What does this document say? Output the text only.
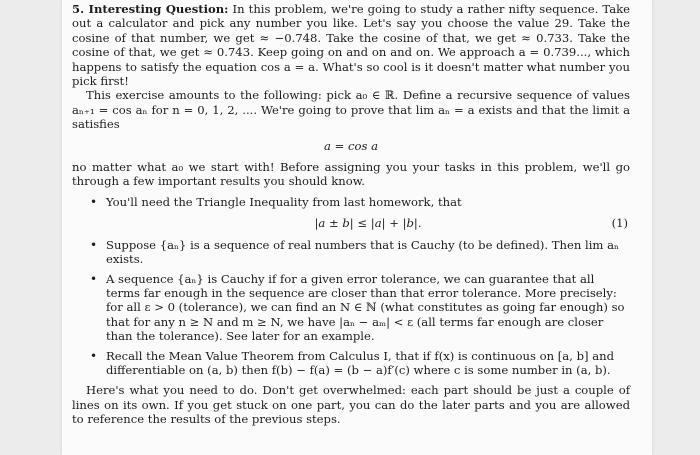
5. Interesting Question: In this problem, we're going to study a rather nifty sequence. Take out a calculator and pick any number you like. Let's say you choose the value 29. Take the cosine of that number, we get ≈ −0.748. Take the cosine of that, we get ≈ 0.733. Take the cosine of that, we get ≈ 0.743. Keep going on and on and on. We approach a = 0.739..., which happens to satisfy the equation cos a = a. What's so cool is it doesn't matter what number you pick first!

This exercise amounts to the following: pick a₀ ∈ ℝ. Define a recursive sequence of values aₙ₊₁ = cos aₙ for n = 0, 1, 2, .... We're going to prove that lim aₙ = a exists and that the limit a satisfies

a = cos a

no matter what a₀ we start with! Before assigning you your tasks in this problem, we'll go through a few important results you should know.

• You'll need the Triangle Inequality from last homework, that
|a ± b| ≤ |a| + |b|.	(1)
• Suppose {aₙ} is a sequence of real numbers that is Cauchy (to be defined). Then lim aₙ exists.
• A sequence {aₙ} is Cauchy if for a given error tolerance, we can guarantee that all terms far enough in the sequence are closer than that error tolerance. More precisely: for all ε > 0 (tolerance), we can find an N ∈ ℕ (what constitutes as going far enough) so that for any n ≥ N and m ≥ N, we have |aₙ − aₘ| < ε (all terms far enough are closer than the tolerance). See later for an example.
• Recall the Mean Value Theorem from Calculus I, that if f(x) is continuous on [a, b] and differentiable on (a, b) then f(b) − f(a) = (b − a)f′(c) where c is some number in (a, b).

Here's what you need to do. Don't get overwhelmed: each part should be just a couple of lines on its own. If you get stuck on one part, you can do the later parts and you are allowed to reference the results of the previous steps.
